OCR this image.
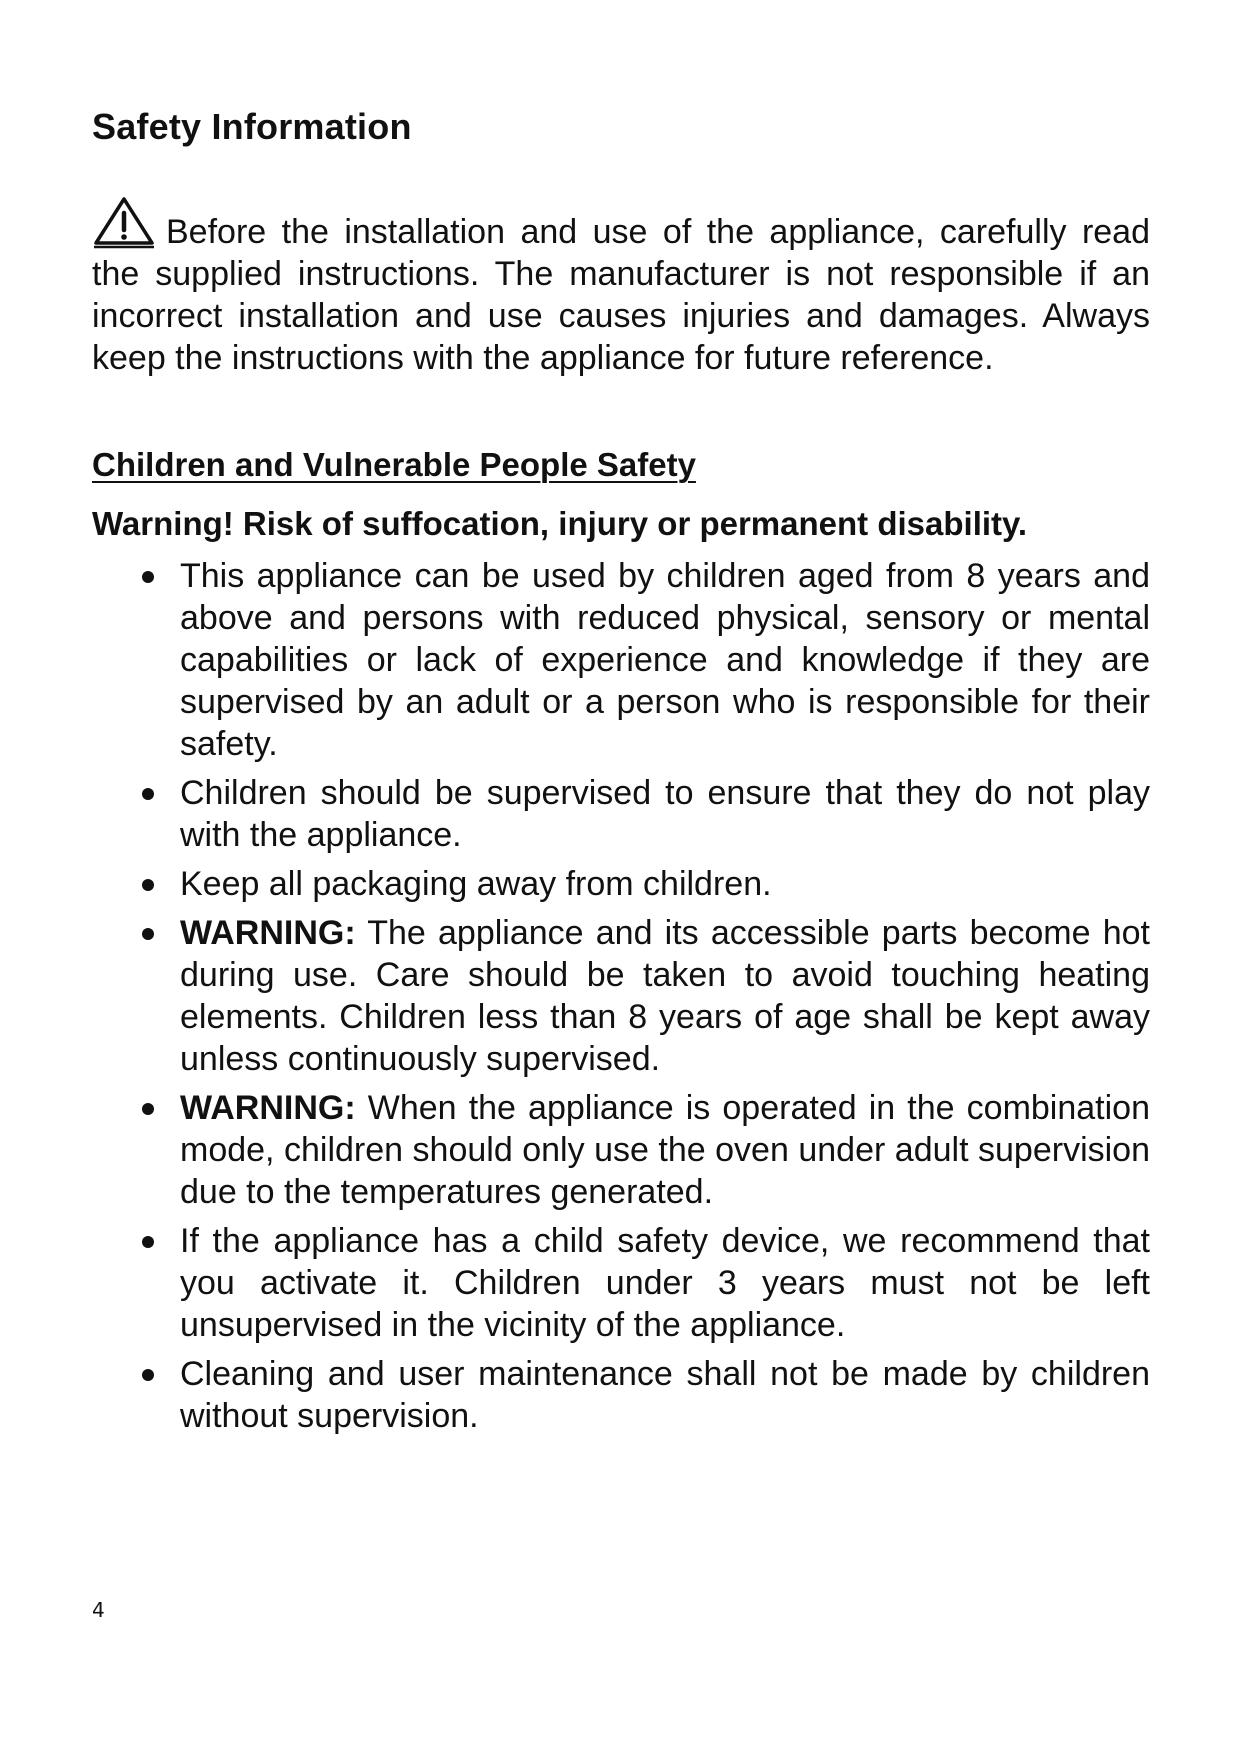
Safety Information

Before the installation and use of the appliance, carefully read the supplied instructions. The manufacturer is not responsible if an incorrect installation and use causes injuries and damages. Always keep the instructions with the appliance for future reference.

Children and Vulnerable People Safety
Warning! Risk of suffocation, injury or permanent disability.
This appliance can be used by children aged from 8 years and above and persons with reduced physical, sensory or mental capabilities or lack of experience and knowledge if they are supervised by an adult or a person who is responsible for their safety.
Children should be supervised to ensure that they do not play with the appliance.
Keep all packaging away from children.
WARNING: The appliance and its accessible parts become hot during use. Care should be taken to avoid touching heating elements. Children less than 8 years of age shall be kept away unless continuously supervised.
WARNING: When the appliance is operated in the combination mode, children should only use the oven under adult supervision due to the temperatures generated.
If the appliance has a child safety device, we recommend that you activate it. Children under 3 years must not be left unsupervised in the vicinity of the appliance.
Cleaning and user maintenance shall not be made by children without supervision.

4
